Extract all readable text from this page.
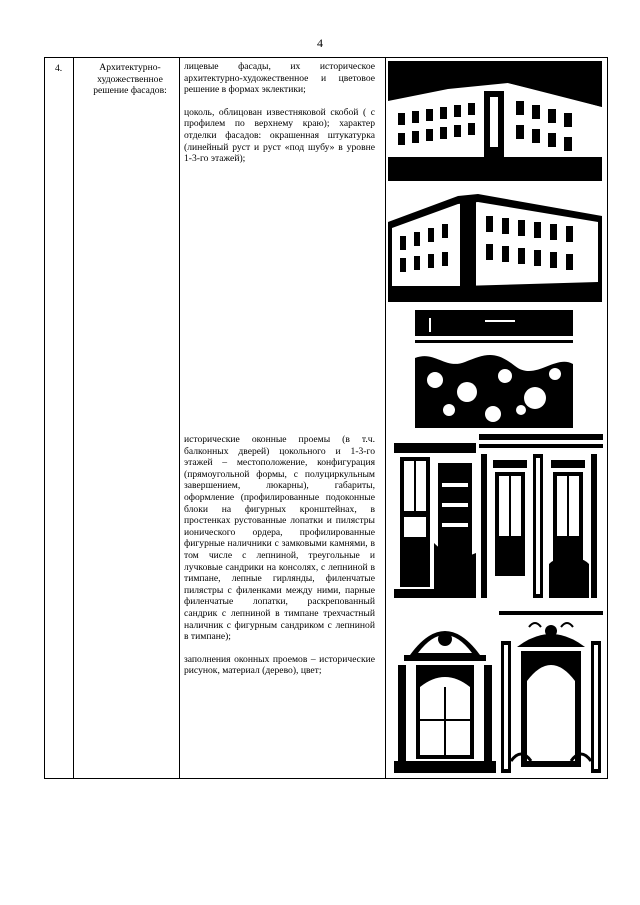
4
4.	Архитектурно-художественное решение фасадов:

лицевые фасады, их историческое архитектурно-художественное и цветовое решение в формах эклектики;

цоколь, облицован известняковой скобой ( с профилем по верхнему краю); характер отделки фасадов: окрашенная штукатурка (линейный руст и руст «под шубу» в уровне 1-3-го этажей);

исторические оконные проемы (в т.ч. балконных дверей) цокольного и 1-3-го этажей – местоположение, конфигурация (прямоугольной формы, с полуциркульным завершением, люкарны), габариты, оформление (профилированные подоконные блоки на фигурных кронштейнах, в простенках рустованные лопатки и пилястры ионического ордера, профилированные фигурные наличники с замковыми камнями, в том числе с лепниной, треугольные и лучковые сандрики на консолях, с лепниной в тимпане, лепные гирлянды, филенчатые пилястры с филенками между ними, парные филенчатые лопатки, раскрепованный сандрик с лепниной в тимпане трехчастный наличник с фигурным сандриком с лепниной в тимпане);

заполнения оконных проемов – исторические рисунок, материал (дерево), цвет;
